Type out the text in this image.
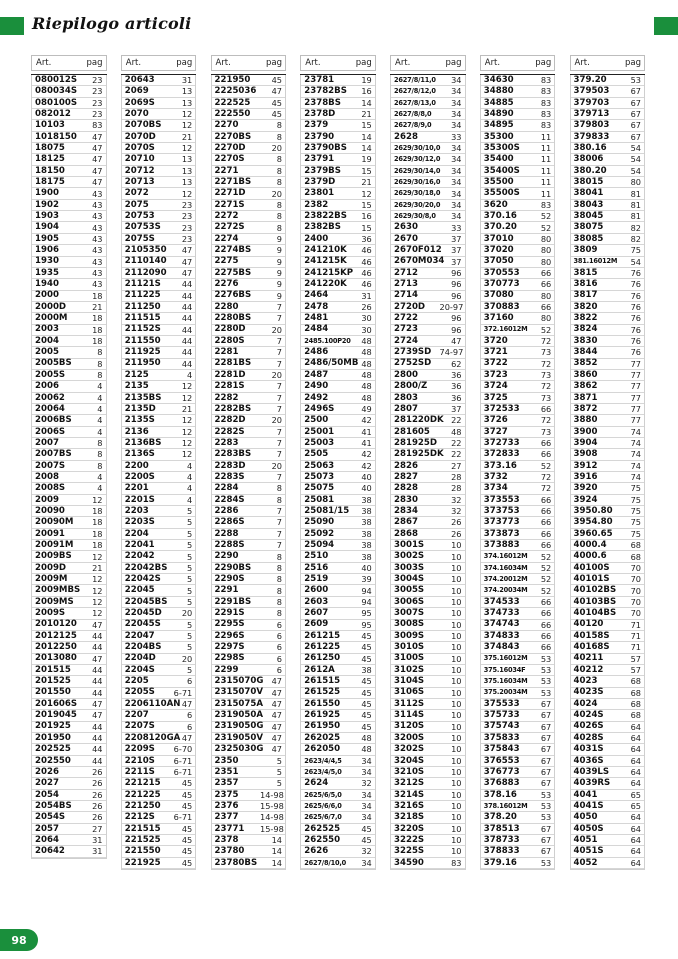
Riepilogo articoli
Art.	pag
080012S	23
080034S	23
080100S	23
082012	23
10103	83
1018150	47
18075	47
18125	47
18150	47
18175	47
1900	43
1902	43
1903	43
1904	43
1905	43
1906	43
1930	43
1935	43
1940	43
2000	18
2000D	21
2000M	18
2003	18
2004	18
2005	8
2005BS	8
2005S	8
2006	4
20062	4
20064	4
2006BS	4
2006S	4
2007	8
2007BS	8
2007S	8
2008	4
2008S	4
2009	12
20090	18
20090M	18
20091	18
20091M	18
2009BS	12
2009D	21
2009M	12
2009MBS	12
2009MS	12
2009S	12
2010120	47
2012125	44
2012250	44
2013080	47
201515	44
201525	44
201550	44
201606S	47
2019045	47
201925	44
201950	44
202525	44
202550	44
2026	26
2027	26
2054	26
2054BS	26
2054S	26
2057	27
2064	31
20642	31
Art.	pag
20643	31
2069	13
2069S	13
2070	12
2070BS	12
2070D	21
2070S	12
20710	13
20712	13
20713	13
2072	12
2075	23
20753	23
20753S	23
2075S	23
2105350	47
2110140	47
2112090	47
21121S	44
211225	44
211250	44
211515	44
21152S	44
211550	44
211925	44
211950	44
2125	4
2135	12
2135BS	12
2135D	21
2135S	12
2136	12
2136BS	12
2136S	12
2200	4
2200S	4
2201	4
2201S	4
2203	5
2203S	5
2204	5
22041	5
22042	5
22042BS	5
22042S	5
22045	5
22045BS	5
22045D	20
22045S	5
22047	5
2204BS	5
2204D	20
2204S	5
2205	6
2205S	6-71
2206110AN 47
2207	6
2207S	6
2208120GA 47
2209S	6-70
2210S	6-71
2211S	6-71
221215	45
221225	45
221250	45
2212S	6-71
221515	45
221525	45
221550	45
221925	45
Art.	pag
221950	45
2225036	47
222525	45
222550	45
2270	8
2270BS	8
2270D	20
2270S	8
2271	8
2271BS	8
2271D	20
2271S	8
2272	8
2272S	8
2274	9
2274BS	9
2275	9
2275BS	9
2276	9
2276BS	9
2280	7
2280BS	7
2280D	20
2280S	7
2281	7
2281BS	7
2281D	20
2281S	7
2282	7
2282BS	7
2282D	20
2282S	7
2283	7
2283BS	7
2283D	20
2283S	7
2284	8
2284S	8
2286	7
2286S	7
2288	7
2288S	7
2290	8
2290BS	8
2290S	8
2291	8
2291BS	8
2291S	8
2295S	6
2296S	6
2297S	6
2298S	6
2299	6
2315070G 47
2315070V	47
2315075A	47
2319050A	47
2319050G 47
2319050V	47
2325030G 47
2350	5
2351	5
2357	5
2375	14-98
2376	15-98
2377	14-98
23771	15-98
2378	14
23780	14
23780BS	14
Art.	pag
23781	19
23782BS	16
2378BS	14
2378D	21
2379	15
23790	14
23790BS	14
23791	19
2379BS	15
2379D	21
23801	12
2382	15
23822BS	16
2382BS	15
2400	36
241210K	46
241215K	46
241215KP	46
241220K	46
2464	31
2478	26
2481	30
2484	30
2485.100P20	48
2486	48
2486/50MB 48
2487	48
2490	48
2492	48
2496S	49
2500	42
25001	41
25003	41
2505	42
25063	42
25073	40
25075	40
25081	38
25081/15	38
25090	38
25092	38
25094	38
2510	38
2516	40
2519	39
2600	94
2603	94
2607	95
2609	95
261215	45
261225	45
261250	45
2612A	38
261515	45
261525	45
261550	45
261925	45
261950	45
262025	48
262050	48
2623/4/4,5	34
2623/4/5,0	34
2624	32
2625/6/5,0	34
2625/6/6,0	34
2625/6/7,0	34
262525	45
262550	45
2626	32
2627/8/10,0	34
Art.	pag
2627/8/11,0	34
2627/8/12,0	34
2627/8/13,0	34
2627/8/8,0	34
2627/8/9,0	34
2628	33
2629/30/10,0	34
2629/30/12,0	34
2629/30/14,0	34
2629/30/16,0	34
2629/30/18,0	34
2629/30/20,0	34
2629/30/8,0	34
2630	33
2670	37
2670F012	37
2670M034 37
2712	96
2713	96
2714	96
2720D	20-97
2722	96
2723	96
2724	47
2739SD	74-97
2752SD	62
2800	36
2800/Z	36
2803	36
2807	37
281220DK 22
281605	48
281925D	22
281925DK 22
2826	27
2827	28
2828	28
2830	32
2834	32
2867	26
2868	26
3001S	10
3002S	10
3003S	10
3004S	10
3005S	10
3006S	10
3007S	10
3008S	10
3009S	10
3010S	10
3100S	10
3102S	10
3104S	10
3106S	10
3112S	10
3114S	10
3120S	10
3200S	10
3202S	10
3204S	10
3210S	10
3212S	10
3214S	10
3216S	10
3218S	10
3220S	10
3222S	10
3225S	10
34590	83
Art.	pag
34630	83
34880	83
34885	83
34890	83
34895	83
35300	11
35300S	11
35400	11
35400S	11
35500	11
35500S	11
3620	83
370.16	52
370.20	52
37010	80
37020	80
37050	80
370553	66
370773	66
37080	80
370883	66
37160	80
372.16012M	52
3720	72
3721	73
3722	72
3723	73
3724	72
3725	73
372533	66
3726	72
3727	73
372733	66
372833	66
373.16	52
3732	72
3734	72
373553	66
373753	66
373773	66
373873	66
373883	66
374.16012M	52
374.16034M	52
374.20012M	52
374.20034M	52
374533	66
374733	66
374743	66
374833	66
374843	66
375.16012M	53
375.16034F	53
375.16034M	53
375.20034M	53
375533	67
375733	67
375743	67
375833	67
375843	67
376553	67
376773	67
376883	67
378.16	53
378.16012M	53
378.20	53
378513	67
378733	67
378833	67
379.16	53
Art.	pag
379.20	53
379503	67
379703	67
379713	67
379803	67
379833	67
380.16	54
38006	54
380.20	54
38015	80
38041	81
38043	81
38045	81
38075	82
38085	82
3809	75
381.16012M	54
3815	76
3816	76
3817	76
3820	76
3822	76
3824	76
3830	76
3844	76
3852	77
3860	77
3862	77
3871	77
3872	77
3880	77
3900	74
3904	74
3908	74
3912	74
3916	74
3920	75
3924	75
3950.80	75
3954.80	75
3960.65	75
4000.4	68
4000.6	68
40100S	70
40101S	70
40102BS	70
40103BS	70
40104BS	70
40120	71
40158S	71
40168S	71
40211	57
40212	57
4023	68
4023S	68
4024	68
4024S	68
4026S	64
4028S	64
4031S	64
4036S	64
4039LS	64
4039RS	64
4041	65
4041S	65
4050	64
4050S	64
4051	64
4051S	64
4052	64
98
